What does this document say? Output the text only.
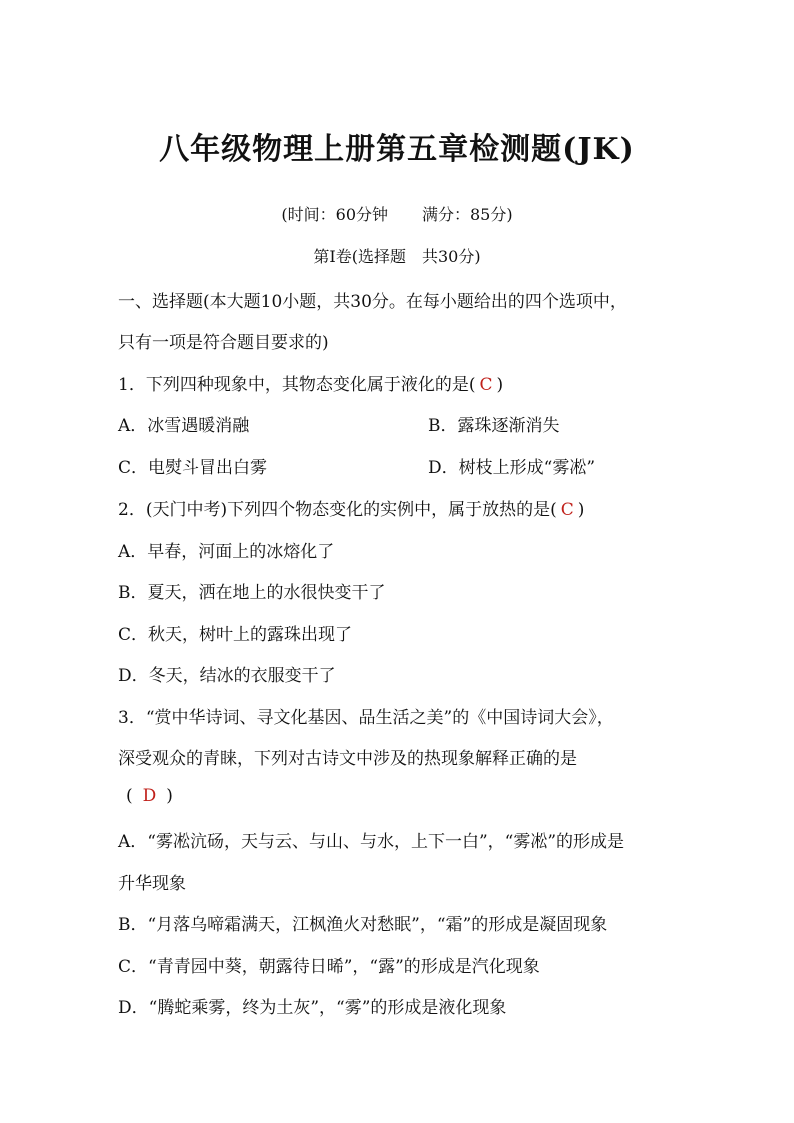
八年级物理上册第五章检测题(JK)
(时间：60分钟 满分：85分)
第Ⅰ卷(选择题　共30分)
一、选择题(本大题10小题，共30分。在每小题给出的四个选项中，
只有一项是符合题目要求的)
1．下列四种现象中，其物态变化属于液化的是( C )
A．冰雪遇暖消融	B．露珠逐渐消失
C．电熨斗冒出白雾	D．树枝上形成“雾凇”
2．(天门中考)下列四个物态变化的实例中，属于放热的是( C )
A．早春，河面上的冰熔化了
B．夏天，洒在地上的水很快变干了
C．秋天，树叶上的露珠出现了
D．冬天，结冰的衣服变干了
3．“赏中华诗词、寻文化基因、品生活之美”的《中国诗词大会》，
深受观众的青睐，下列对古诗文中涉及的热现象解释正确的是
( D )
A．“雾凇沆砀，天与云、与山、与水，上下一白”，“雾凇”的形成是
升华现象
B．“月落乌啼霜满天，江枫渔火对愁眠”，“霜”的形成是凝固现象
C．“青青园中葵，朝露待日晞”，“露”的形成是汽化现象
D．“腾蛇乘雾，终为土灰”，“雾”的形成是液化现象
